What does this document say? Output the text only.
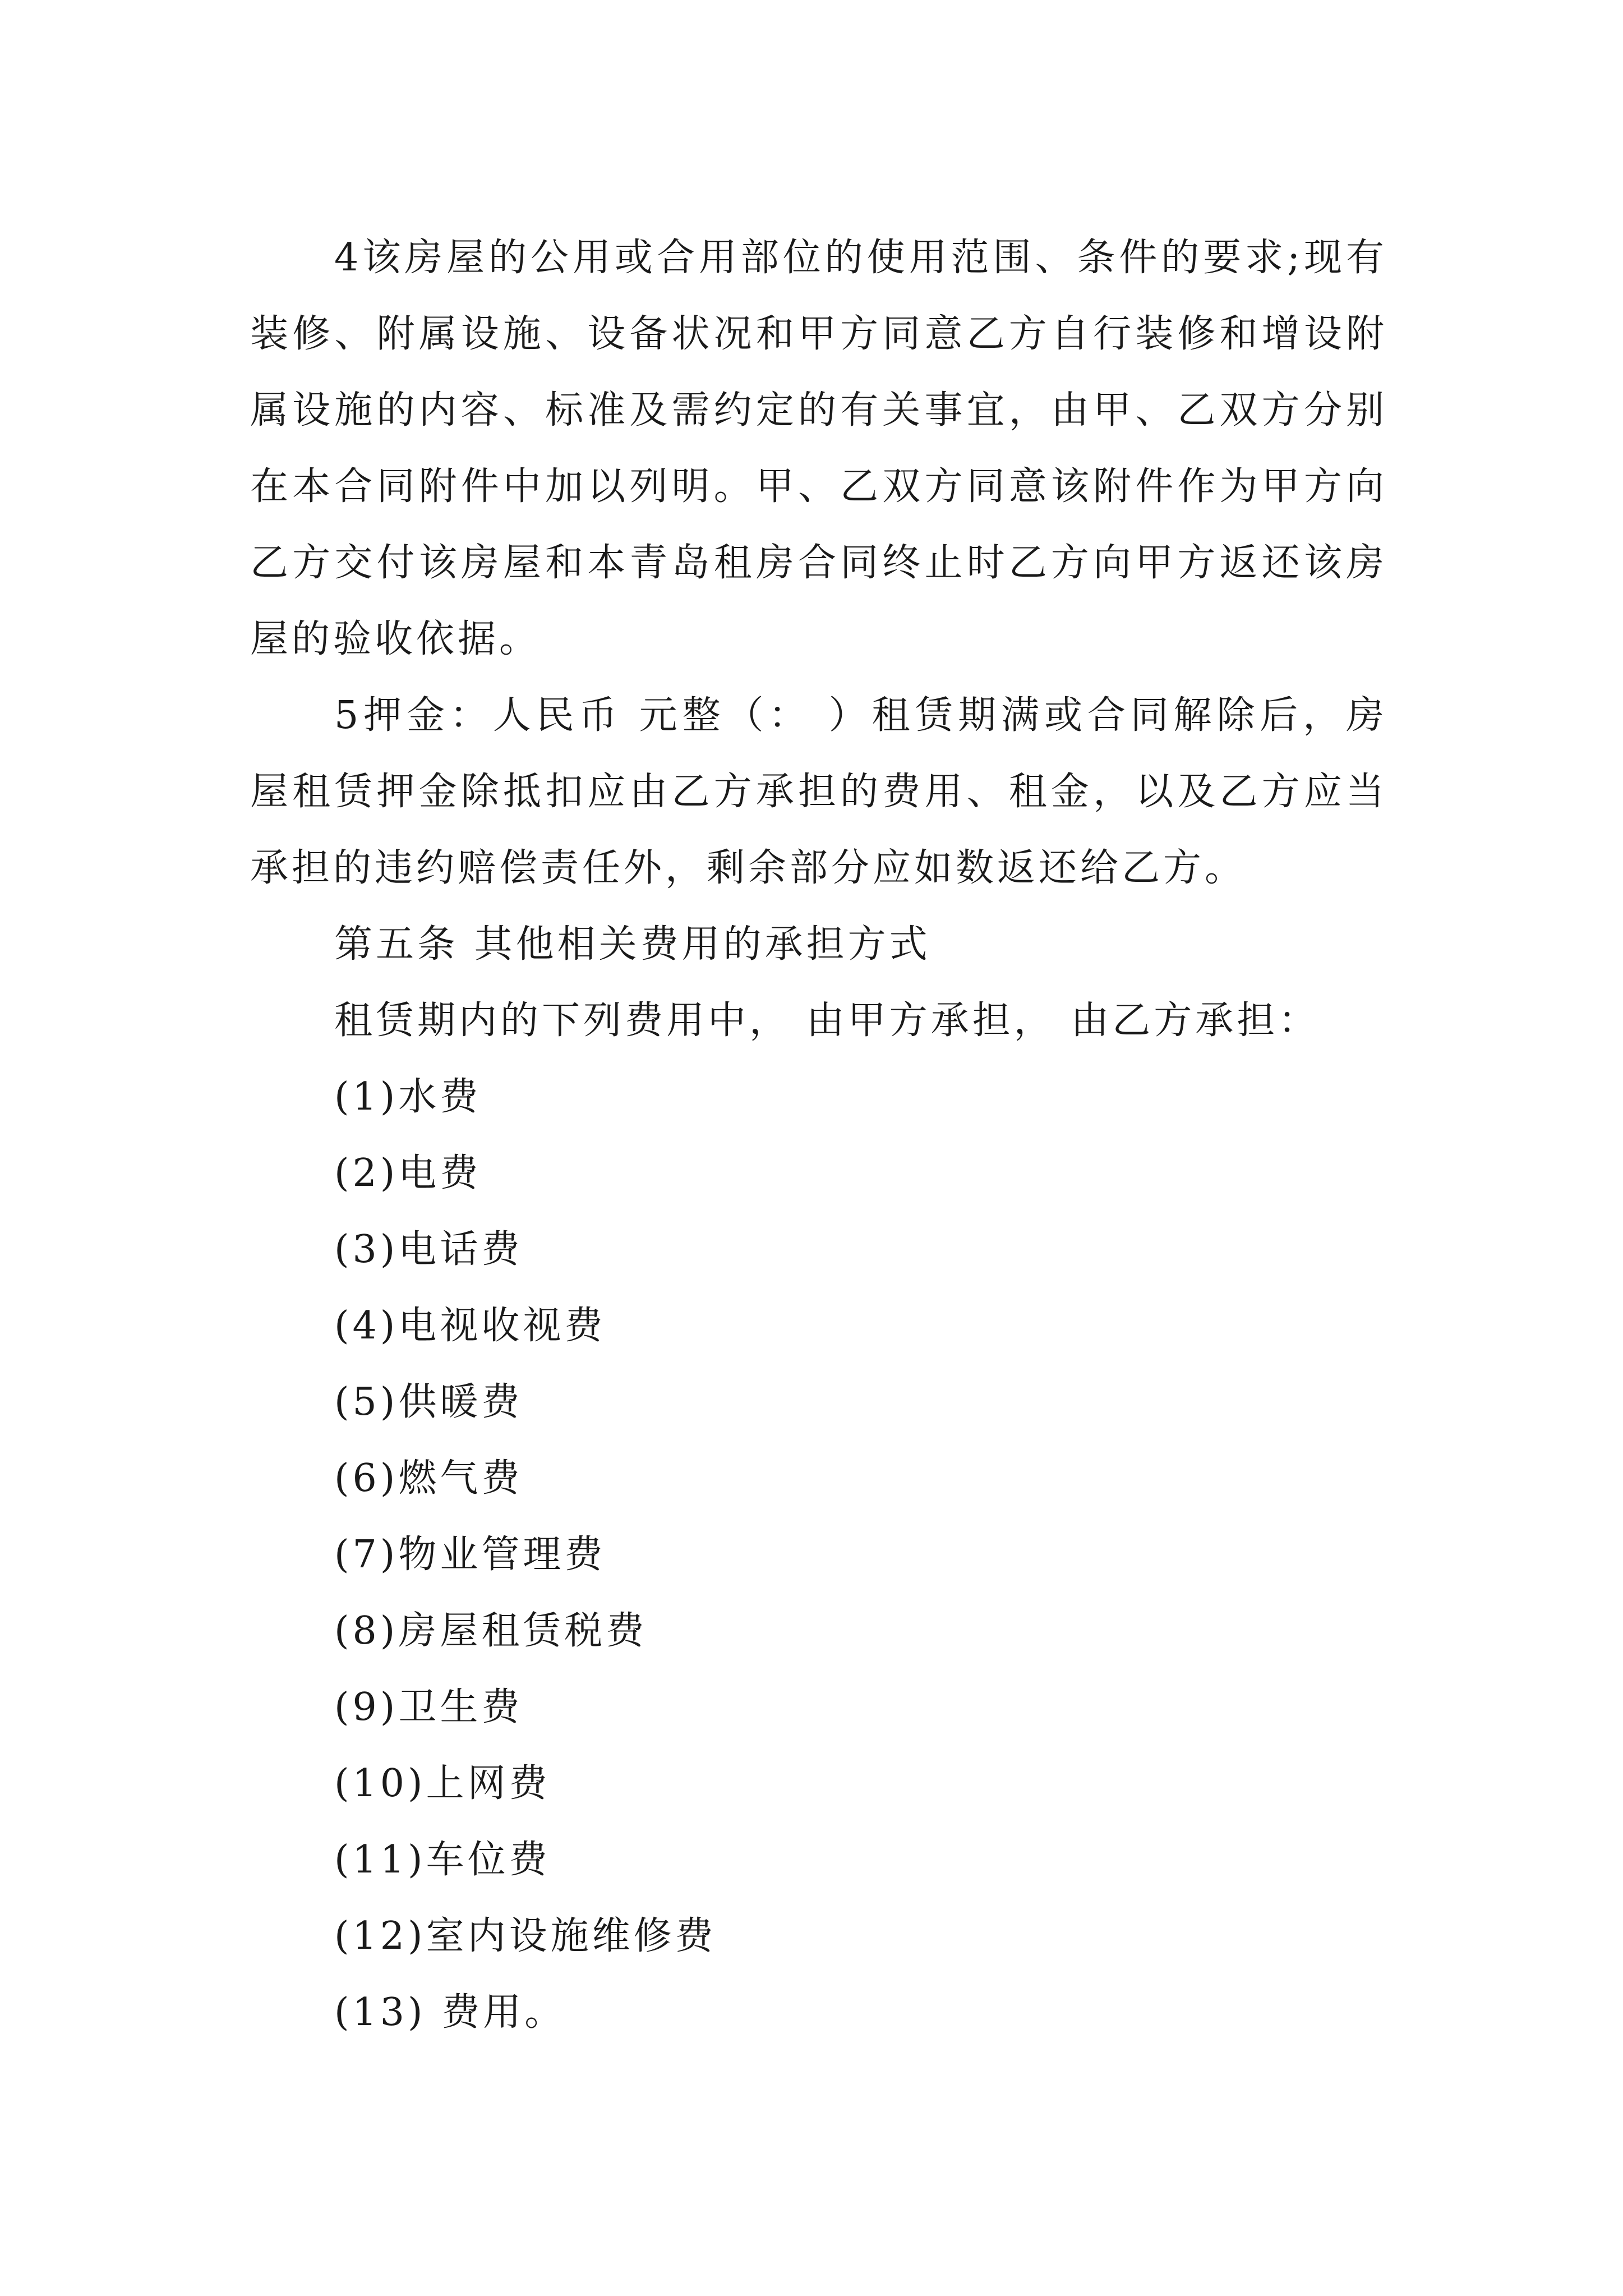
4该房屋的公用或合用部位的使用范围、条件的要求;现有装修、附属设施、设备状况和甲方同意乙方自行装修和增设附属设施的内容、标准及需约定的有关事宜，由甲、乙双方分别在本合同附件中加以列明。甲、乙双方同意该附件作为甲方向乙方交付该房屋和本青岛租房合同终止时乙方向甲方返还该房屋的验收依据。

5押金：人民币 元整（： ）租赁期满或合同解除后，房屋租赁押金除抵扣应由乙方承担的费用、租金，以及乙方应当承担的违约赔偿责任外，剩余部分应如数返还给乙方。

第五条 其他相关费用的承担方式

租赁期内的下列费用中， 由甲方承担， 由乙方承担：

(1)水费
(2)电费
(3)电话费
(4)电视收视费
(5)供暖费
(6)燃气费
(7)物业管理费
(8)房屋租赁税费
(9)卫生费
(10)上网费
(11)车位费
(12)室内设施维修费
(13) 费用。
